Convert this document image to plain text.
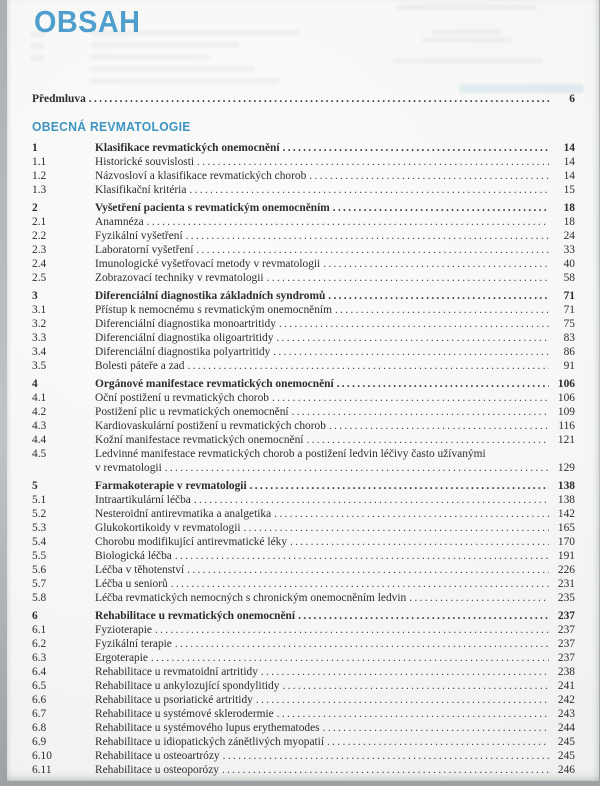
OBSAH
Předmluva .....	6
OBECNÁ REVMATOLOGIE
1	Klasifikace revmatických onemocnění .....	14
1.1	Historické souvislosti .....	14
1.2	Názvosloví a klasifikace revmatických chorob .....	14
1.3	Klasifikační kritéria .....	15
2	Vyšetření pacienta s revmatickým onemocněním .....	18
2.1	Anamnéza .....	18
2.2	Fyzikální vyšetření .....	24
2.3	Laboratorní vyšetření .....	33
2.4	Imunologické vyšetřovací metody v revmatologii .....	40
2.5	Zobrazovací techniky v revmatologii .....	58
3	Diferenciální diagnostika základních syndromů .....	71
3.1	Přístup k nemocnému s revmatickým onemocněním .....	71
3.2	Diferenciální diagnostika monoartritidy .....	75
3.3	Diferenciální diagnostika oligoartritidy .....	83
3.4	Diferenciální diagnostika polyartritidy .....	86
3.5	Bolesti páteře a zad .....	91
4	Orgánové manifestace revmatických onemocnění .....	106
4.1	Oční postižení u revmatických chorob .....	106
4.2	Postižení plic u revmatických onemocnění .....	109
4.3	Kardiovaskulární postižení u revmatických chorob .....	116
4.4	Kožní manifestace revmatických onemocnění .....	121
4.5	Ledvinné manifestace revmatických chorob a postižení ledvin léčivy často užívanými
v revmatologii .....	129
5	Farmakoterapie v revmatologii .....	138
5.1	Intraartikulární léčba .....	138
5.2	Nesteroidní antirevmatika a analgetika .....	142
5.3	Glukokortikoidy v revmatologii .....	165
5.4	Chorobu modifikující antirevmatické léky .....	170
5.5	Biologická léčba .....	191
5.6	Léčba v těhotenství .....	226
5.7	Léčba u seniorů .....	231
5.8	Léčba revmatických nemocných s chronickým onemocněním ledvin .....	235
6	Rehabilitace u revmatických onemocnění .....	237
6.1	Fyzioterapie .....	237
6.2	Fyzikální terapie .....	237
6.3	Ergoterapie .....	237
6.4	Rehabilitace u revmatoidní artritidy .....	238
6.5	Rehabilitace u ankylozující spondylitidy .....	241
6.6	Rehabilitace u psoriatické artritidy .....	242
6.7	Rehabilitace u systémové sklerodermie .....	243
6.8	Rehabilitace u systémového lupus erythematodes .....	244
6.9	Rehabilitace u idiopatických zánětlivých myopatií .....	245
6.10	Rehabilitace u osteoartrózy .....	245
6.11	Rehabilitace u osteoporózy .....	246
